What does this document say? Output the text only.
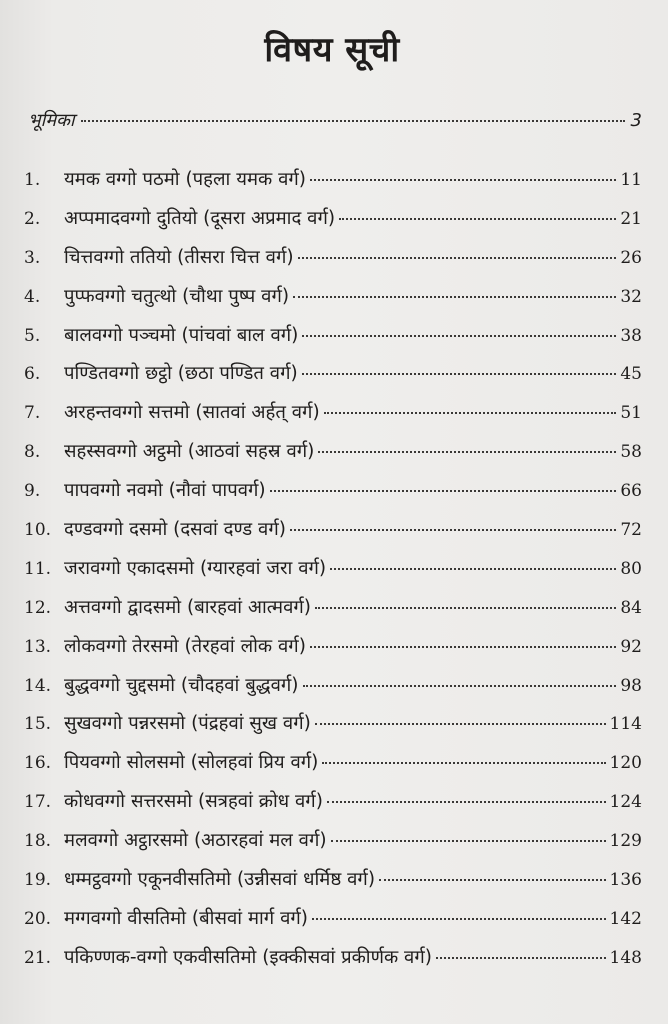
विषय सूची
भूमिका	3
1.	यमक वग्गो पठमो (पहला यमक वर्ग)	11
2.	अप्पमादवग्गो दुतियो (दूसरा अप्रमाद वर्ग)	21
3.	चित्तवग्गो ततियो (तीसरा चित्त वर्ग)	26
4.	पुप्फवग्गो चतुत्थो (चौथा पुष्प वर्ग)	32
5.	बालवग्गो पञ्चमो (पांचवां बाल वर्ग)	38
6.	पण्डितवग्गो छट्ठो (छठा पण्डित वर्ग)	45
7.	अरहन्तवग्गो सत्तमो (सातवां अर्हत् वर्ग)	51
8.	सहस्सवग्गो अट्ठमो (आठवां सहस्र वर्ग)	58
9.	पापवग्गो नवमो (नौवां पापवर्ग)	66
10. दण्डवग्गो दसमो (दसवां दण्ड वर्ग)	72
11. जरावग्गो एकादसमो (ग्यारहवां जरा वर्ग)	80
12. अत्तवग्गो द्वादसमो (बारहवां आत्मवर्ग)	84
13. लोकवग्गो तेरसमो (तेरहवां लोक वर्ग)	92
14. बुद्धवग्गो चुद्दसमो (चौदहवां बुद्धवर्ग)	98
15. सुखवग्गो पन्नरसमो (पंद्रहवां सुख वर्ग)	114
16. पियवग्गो सोलसमो (सोलहवां प्रिय वर्ग)	120
17. कोधवग्गो सत्तरसमो (सत्रहवां क्रोध वर्ग)	124
18. मलवग्गो अट्ठारसमो (अठारहवां मल वर्ग)	129
19. धम्मट्ठवग्गो एकूनवीसतिमो (उन्नीसवां धर्मिष्ठ वर्ग)	136
20. मग्गवग्गो वीसतिमो (बीसवां मार्ग वर्ग)	142
21. पकिण्णक-वग्गो एकवीसतिमो (इक्कीसवां प्रकीर्णक वर्ग)	148
